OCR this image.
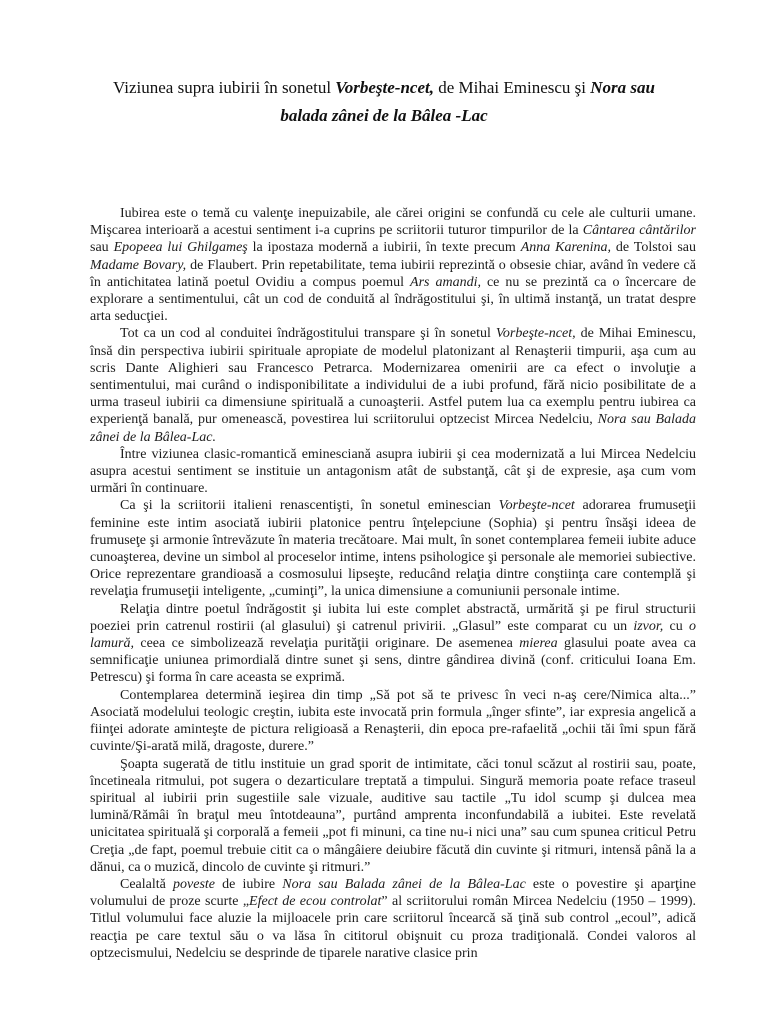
Viziunea supra iubirii în sonetul Vorbeşte-ncet, de Mihai Eminescu şi Nora sau
balada zânei de la Bâlea -Lac

Iubirea este o temă cu valenţe inepuizabile, ale cărei origini se confundă cu cele ale culturii umane. Mişcarea interioară a acestui sentiment i-a cuprins pe scriitorii tuturor timpurilor de la Cântarea cântărilor sau Epopeea lui Ghilgameş la ipostaza modernă a iubirii, în texte precum Anna Karenina, de Tolstoi sau Madame Bovary, de Flaubert. Prin repetabilitate, tema iubirii reprezintă o obsesie chiar, având în vedere că în antichitatea latină poetul Ovidiu a compus poemul Ars amandi, ce nu se prezintă ca o încercare de explorare a sentimentului, cât un cod de conduită al îndrăgostitului şi, în ultimă instanţă, un tratat despre arta seducţiei.

Tot ca un cod al conduitei îndrăgostitului transpare şi în sonetul Vorbeşte-ncet, de Mihai Eminescu, însă din perspectiva iubirii spirituale apropiate de modelul platonizant al Renaşterii timpurii, aşa cum au scris Dante Alighieri sau Francesco Petrarca. Modernizarea omenirii are ca efect o involuţie a sentimentului, mai curând o indisponibilitate a individului de a iubi profund, fără nicio posibilitate de a urma traseul iubirii ca dimensiune spirituală a cunoaşterii. Astfel putem lua ca exemplu pentru iubirea ca experienţă banală, pur omenească, povestirea lui scriitorului optzecist Mircea Nedelciu, Nora sau Balada zânei de la Bâlea-Lac.

Între viziunea clasic-romantică eminesciană asupra iubirii şi cea modernizată a lui Mircea Nedelciu asupra acestui sentiment se instituie un antagonism atât de substanţă, cât şi de expresie, aşa cum vom urmări în continuare.

Ca şi la scriitorii italieni renascentişti, în sonetul eminescian Vorbeşte-ncet adorarea frumuseţii feminine este intim asociată iubirii platonice pentru înţelepciune (Sophia) şi pentru însăşi ideea de frumuseţe şi armonie întrevăzute în materia trecătoare. Mai mult, în sonet contemplarea femeii iubite aduce cunoaşterea, devine un simbol al proceselor intime, intens psihologice şi personale ale memoriei subiective. Orice reprezentare grandioasă a cosmosului lipseşte, reducând relaţia dintre conştiinţa care contemplă şi revelaţia frumuseţii inteligente, „cuminţi”, la unica dimensiune a comuniunii personale intime.

Relaţia dintre poetul îndrăgostit şi iubita lui este complet abstractă, urmărită şi pe firul structurii poeziei prin catrenul rostirii (al glasului) şi catrenul privirii. „Glasul” este comparat cu un izvor, cu o lamură, ceea ce simbolizează revelaţia purităţii originare. De asemenea mierea glasului poate avea ca semnificaţie uniunea primordială dintre sunet şi sens, dintre gândirea divină (conf. criticului Ioana Em. Petrescu) şi forma în care aceasta se exprimă.

Contemplarea determină ieşirea din timp „Să pot să te privesc în veci n-aş cere/Nimica alta...” Asociată modelului teologic creştin, iubita este invocată prin formula „înger sfinte”, iar expresia angelică a fiinţei adorate aminteşte de pictura religioasă a Renaşterii, din epoca pre-rafaelită „ochii tăi îmi spun fără cuvinte/Şi-arată milă, dragoste, durere.”

Şoapta sugerată de titlu instituie un grad sporit de intimitate, căci tonul scăzut al rostirii sau, poate, încetineala ritmului, pot sugera o dezarticulare treptată a timpului. Singură memoria poate reface traseul spiritual al iubirii prin sugestiile sale vizuale, auditive sau tactile „Tu idol scump şi dulcea mea lumină/Rămâi în braţul meu întotdeauna”, purtând amprenta inconfundabilă a iubitei. Este revelată unicitatea spirituală şi corporală a femeii „pot fi minuni, ca tine nu-i nici una” sau cum spunea criticul Petru Creţia „de fapt, poemul trebuie citit ca o mângâiere deiubire făcută din cuvinte şi ritmuri, intensă până la a dănui, ca o muzică, dincolo de cuvinte şi ritmuri.”

Cealaltă poveste de iubire Nora sau Balada zânei de la Bâlea-Lac este o povestire şi aparţine volumului de proze scurte „Efect de ecou controlat” al scriitorului român Mircea Nedelciu (1950 – 1999). Titlul volumului face aluzie la mijloacele prin care scriitorul încearcă să ţină sub control „ecoul”, adică reacţia pe care textul său o va lăsa în cititorul obişnuit cu proza tradiţională. Condei valoros al optzecismului, Nedelciu se desprinde de tiparele narative clasice prin
